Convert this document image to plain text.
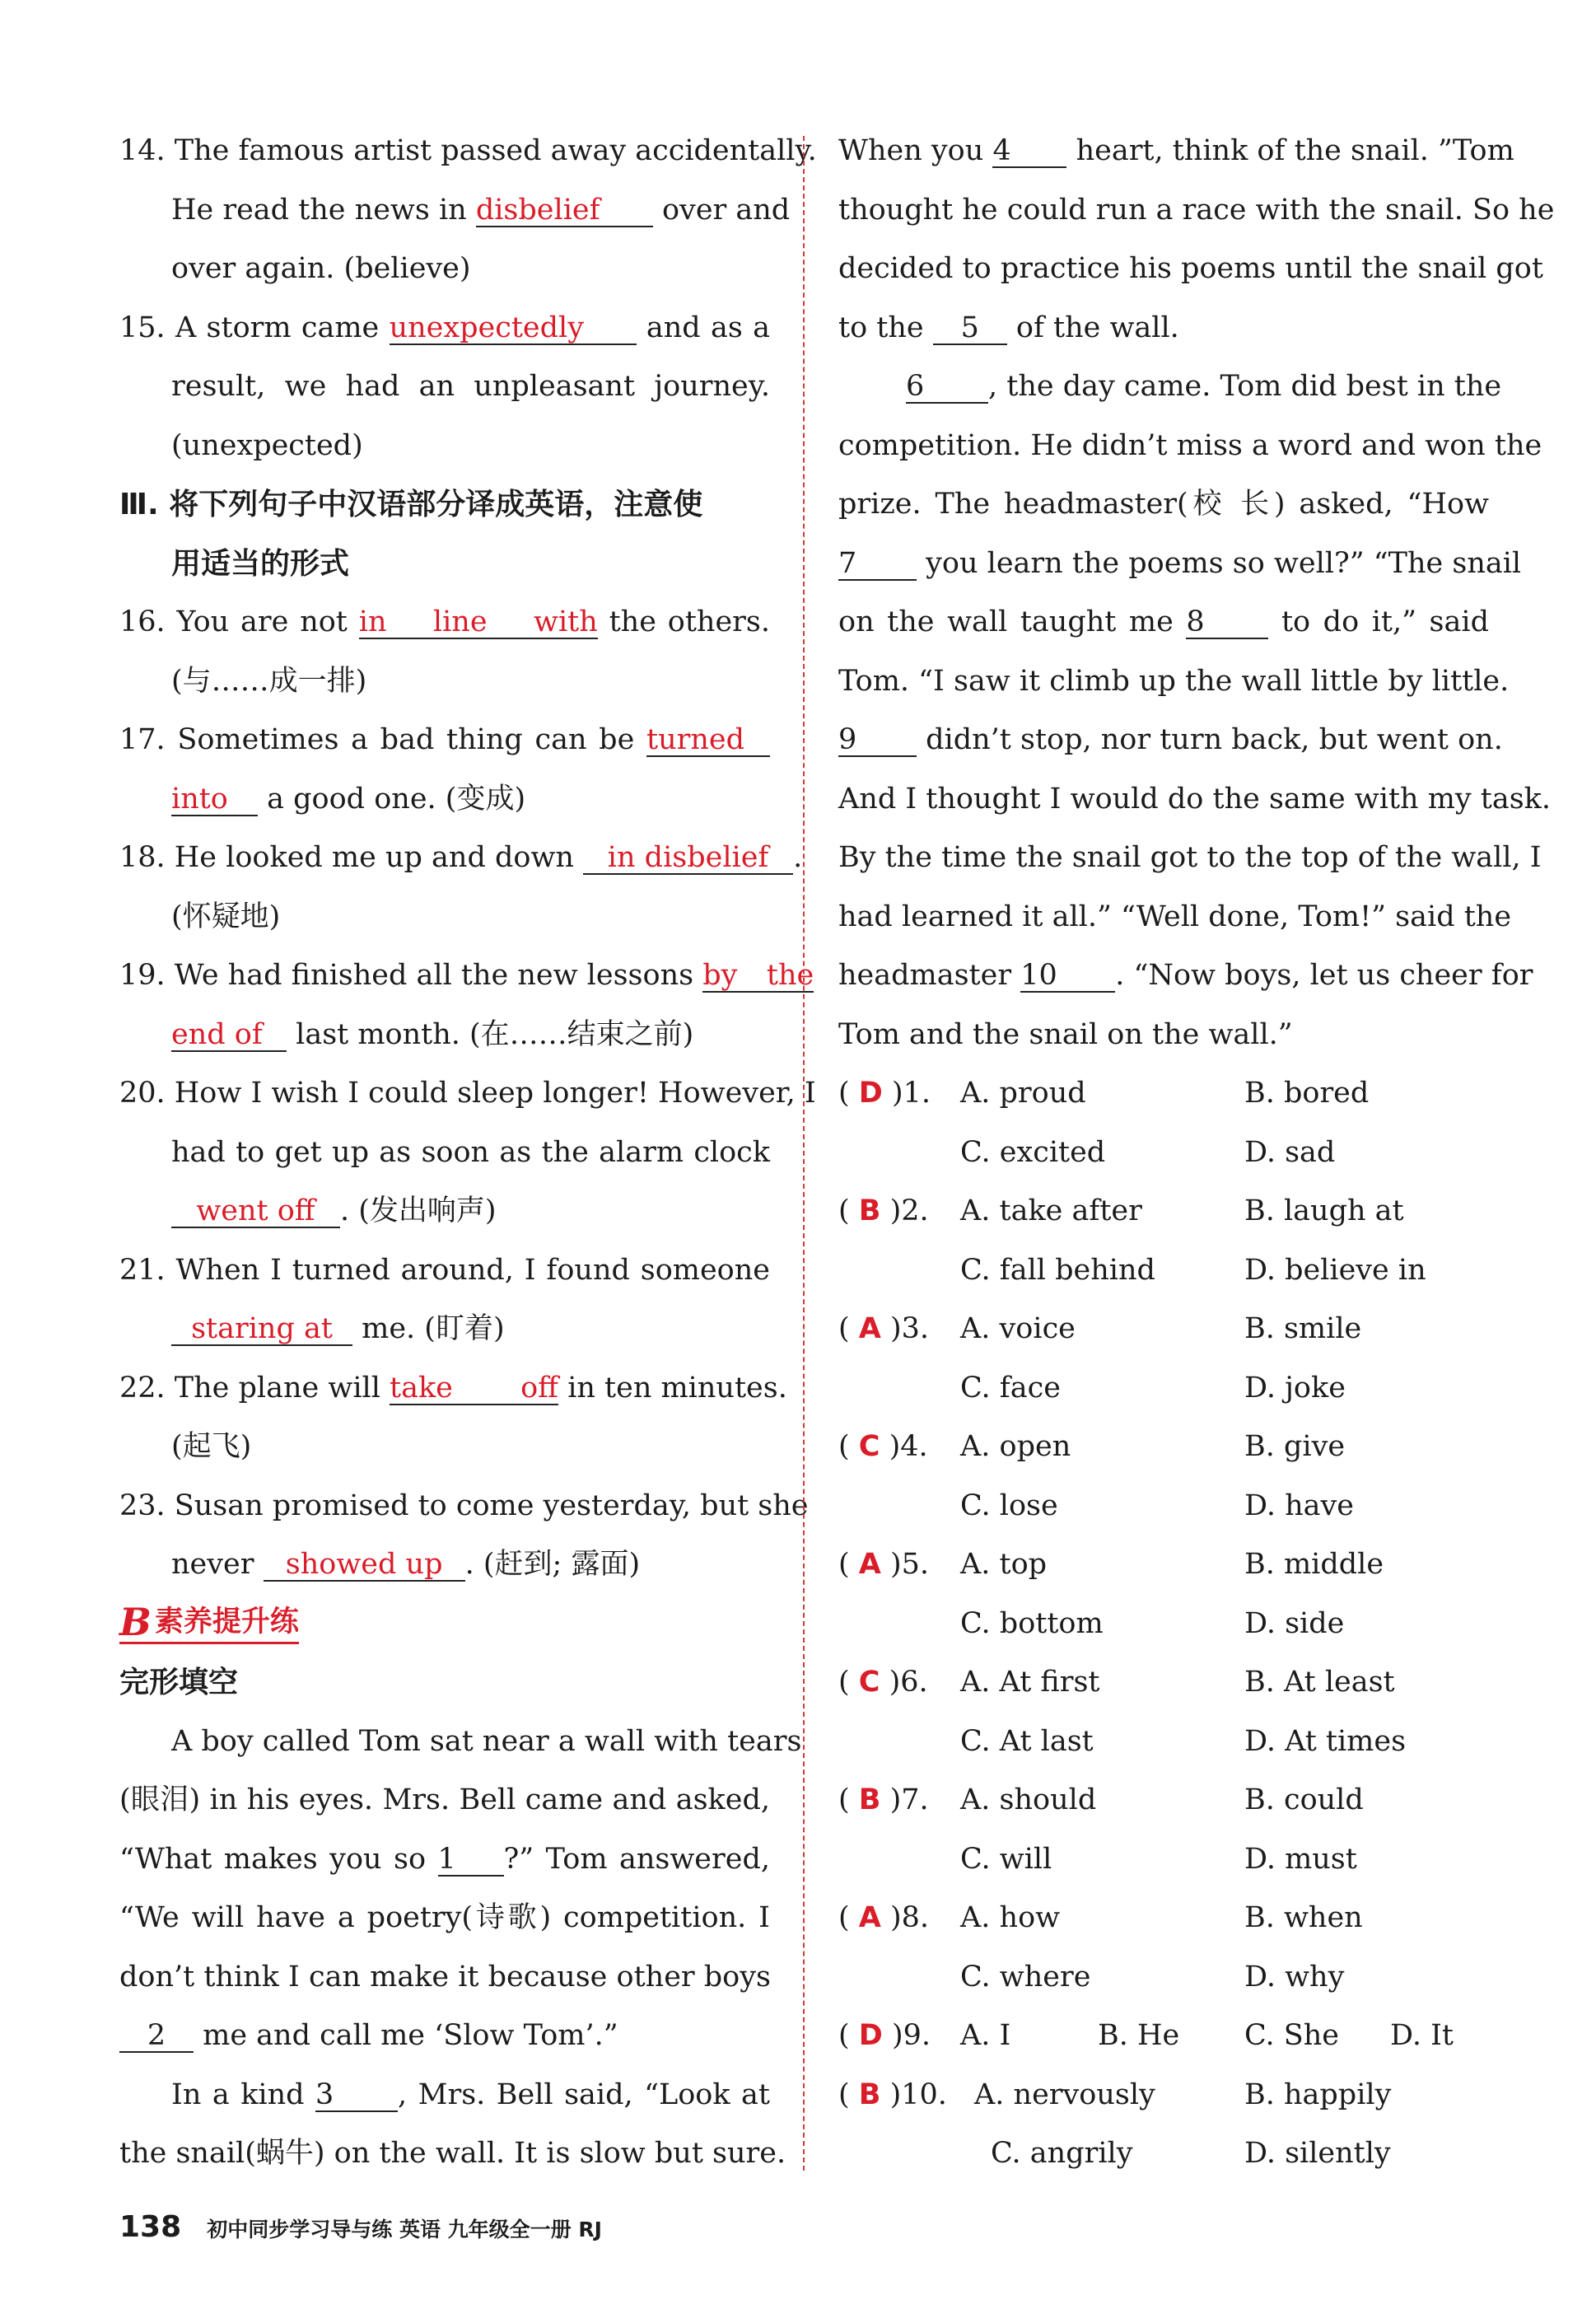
14. The famous artist passed away accidentally.
He read the news in disbelief over and
over again. (believe)
15. A storm came unexpectedly and as a
result, we had an unpleasant journey.
(unexpected)
Ⅲ. 将下列句子中汉语部分译成英语，注意使
用适当的形式
16. You are not in line with the others.
(与……成一排)
17. Sometimes a bad thing can be turned
into a good one. (变成)
18. He looked me up and down in disbelief .
(怀疑地)
19. We had finished all the new lessons by the
end of last month. (在……结束之前)
20. How I wish I could sleep longer! However, I
had to get up as soon as the alarm clock
went off . (发出响声)
21. When I turned around, I found someone
staring at me. (盯着)
22. The plane will take off in ten minutes.
(起飞)
23. Susan promised to come yesterday, but she
never showed up . (赶到; 露面)
B 素养提升练
完形填空
A boy called Tom sat near a wall with tears
(眼泪) in his eyes. Mrs. Bell came and asked,
“What makes you so 1 ?” Tom answered,
“We will have a poetry(诗歌) competition. I
don’t think I can make it because other boys
2 me and call me ‘Slow Tom’.”
In a kind 3 , Mrs. Bell said, “Look at
the snail(蜗牛) on the wall. It is slow but sure.
When you 4 heart, think of the snail. ”Tom
thought he could run a race with the snail. So he
decided to practice his poems until the snail got
to the 5 of the wall.
6 , the day came. Tom did best in the
competition. He didn’t miss a word and won the
prize. The headmaster(校 长) asked, “How
7 you learn the poems so well?” “The snail
on the wall taught me 8	to do it,” said
Tom. “I saw it climb up the wall little by little.
9 didn’t stop, nor turn back, but went on.
And I thought I would do the same with my task.
By the time the snail got to the top of the wall, I
had learned it all.” “Well done, Tom!” said the
headmaster 10 . “Now boys, let us cheer for
Tom and the snail on the wall.”
( D )1. A. proud	B. bored
C. excited	D. sad
( B )2. A. take after	B. laugh at
C. fall behind	D. believe in
( A )3. A. voice	B. smile
C. face	D. joke
( C )4. A. open	B. give
C. lose	D. have
( A )5. A. top	B. middle
C. bottom	D. side
( C )6. A. At first	B. At least
C. At last	D. At times
( B )7. A. should	B. could
C. will	D. must
( A )8. A. how	B. when
C. where	D. why
( D )9. A. I	B. He C. She D. It
( B )10. A. nervously	B. happily
C. angrily	D. silently
138 初中同步学习导与练 英语 九年级全一册 RJ
